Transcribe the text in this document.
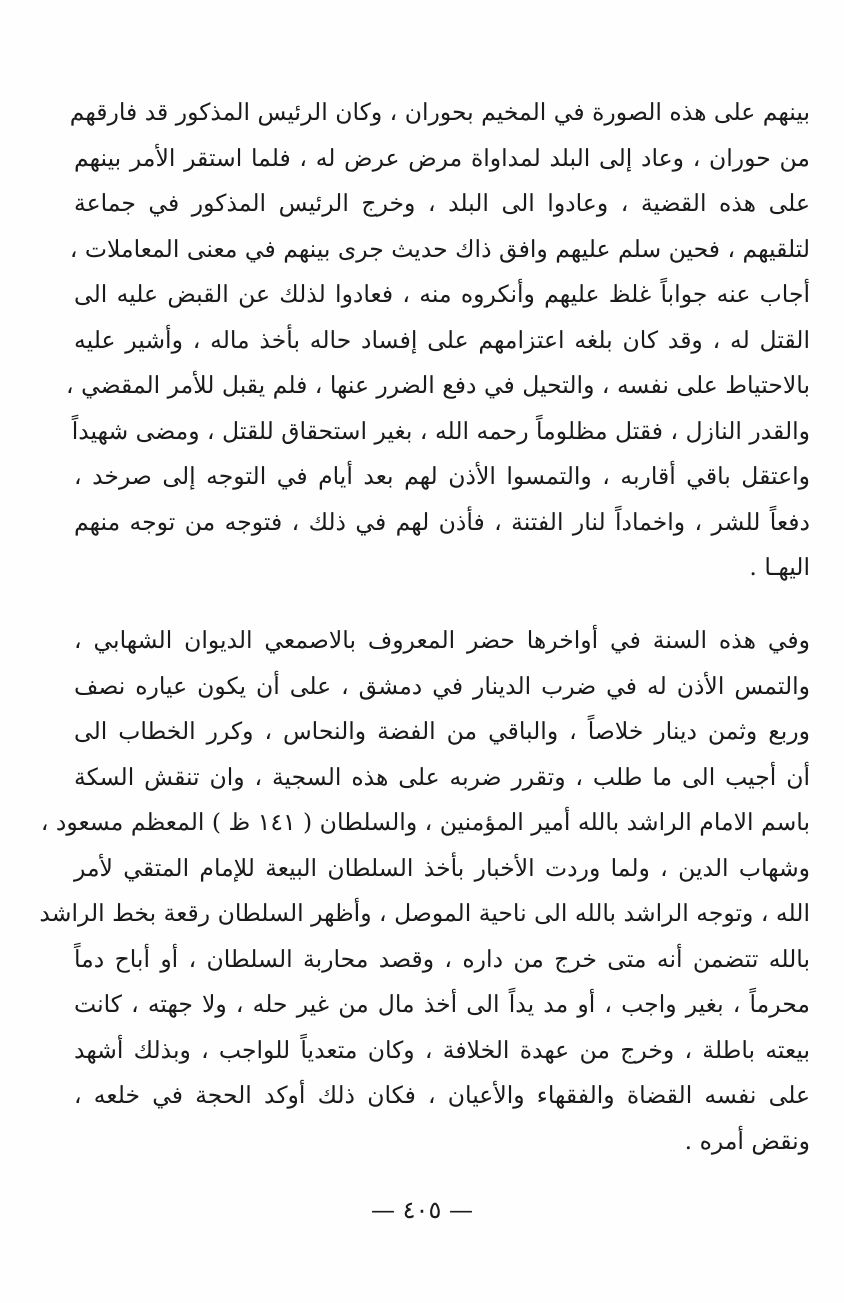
بينهم على هذه الصورة في المخيم بحوران ، وكان الرئيس المذكور قد فارقهم
من حوران ، وعاد إلى البلد لمداواة مرض عرض له ، فلما استقر الأمر بينهم
على هذه القضية ، وعادوا الى البلد ، وخرج الرئيس المذكور في جماعة
لتلقيهم ، فحين سلم عليهم وافق ذاك حديث جرى بينهم في معنى المعاملات ،
أجاب عنه جواباً غلظ عليهم وأنكروه منه ، فعادوا لذلك عن القبض عليه الى
القتل له ، وقد كان بلغه اعتزامهم على إفساد حاله بأخذ ماله ، وأشير عليه
بالاحتياط على نفسه ، والتحيل في دفع الضرر عنها ، فلم يقبل للأمر المقضي ،
والقدر النازل ، فقتل مظلوماً رحمه الله ، بغير استحقاق للقتل ، ومضى شهيداً
واعتقل باقي أقاربه ، والتمسوا الأذن لهم بعد أيام في التوجه إلى صرخد ،
دفعاً للشر ، واخماداً لنار الفتنة ، فأذن لهم في ذلك ، فتوجه من توجه منهم
اليهـا .
وفي هذه السنة في أواخرها حضر المعروف بالاصمعي الديوان الشهابي ،
والتمس الأذن له في ضرب الدينار في دمشق ، على أن يكون عياره نصف
وربع وثمن دينار خلاصاً ، والباقي من الفضة والنحاس ، وكرر الخطاب الى
أن أجيب الى ما طلب ، وتقرر ضربه على هذه السجية ، وان تنقش السكة
باسم الامام الراشد بالله أمير المؤمنين ، والسلطان ( ١٤١ ظ ) المعظم مسعود ،
وشهاب الدين ، ولما وردت الأخبار بأخذ السلطان البيعة للإمام المتقي لأمر
الله ، وتوجه الراشد بالله الى ناحية الموصل ، وأظهر السلطان رقعة بخط الراشد
بالله تتضمن أنه متى خرج من داره ، وقصد محاربة السلطان ، أو أباح دماً
محرماً ، بغير واجب ، أو مد يداً الى أخذ مال من غير حله ، ولا جهته ، كانت
بيعته باطلة ، وخرج من عهدة الخلافة ، وكان متعدياً للواجب ، وبذلك أشهد
على نفسه القضاة والفقهاء والأعيان ، فكان ذلك أوكد الحجة في خلعه ،
ونقض أمره .
— ٤٠٥ —
